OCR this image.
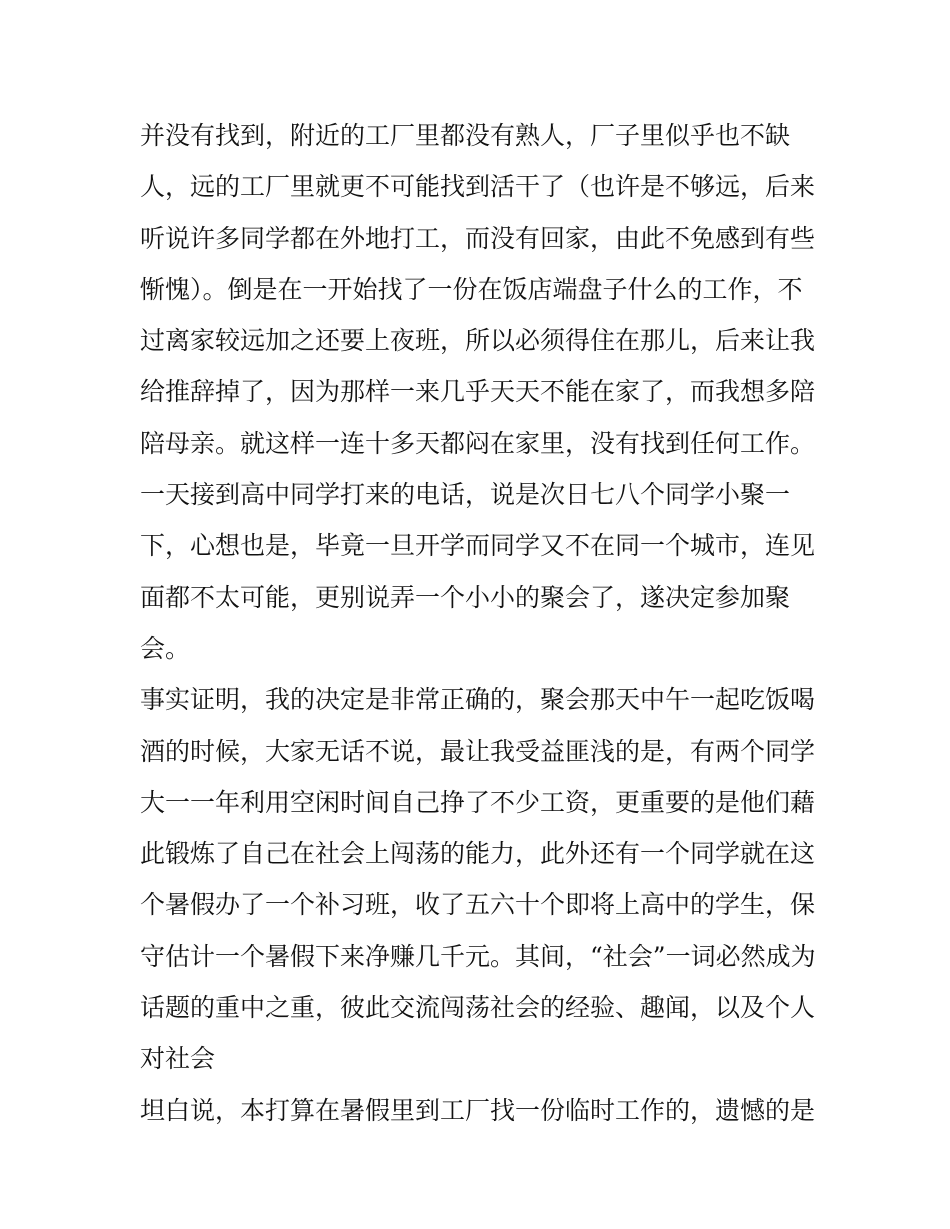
并没有找到，附近的工厂里都没有熟人，厂子里似乎也不缺
人，远的工厂里就更不可能找到活干了（也许是不够远，后来
听说许多同学都在外地打工，而没有回家，由此不免感到有些
惭愧）。倒是在一开始找了一份在饭店端盘子什么的工作，不
过离家较远加之还要上夜班，所以必须得住在那儿，后来让我
给推辞掉了，因为那样一来几乎天天不能在家了，而我想多陪
陪母亲。就这样一连十多天都闷在家里，没有找到任何工作。
一天接到高中同学打来的电话，说是次日七八个同学小聚一
下，心想也是，毕竟一旦开学而同学又不在同一个城市，连见
面都不太可能，更别说弄一个小小的聚会了，遂决定参加聚
会。
事实证明，我的决定是非常正确的，聚会那天中午一起吃饭喝
酒的时候，大家无话不说，最让我受益匪浅的是，有两个同学
大一一年利用空闲时间自己挣了不少工资，更重要的是他们藉
此锻炼了自己在社会上闯荡的能力，此外还有一个同学就在这
个暑假办了一个补习班，收了五六十个即将上高中的学生，保
守估计一个暑假下来净赚几千元。其间，“社会”一词必然成为
话题的重中之重，彼此交流闯荡社会的经验、趣闻，以及个人
对社会
坦白说，本打算在暑假里到工厂找一份临时工作的，遗憾的是
